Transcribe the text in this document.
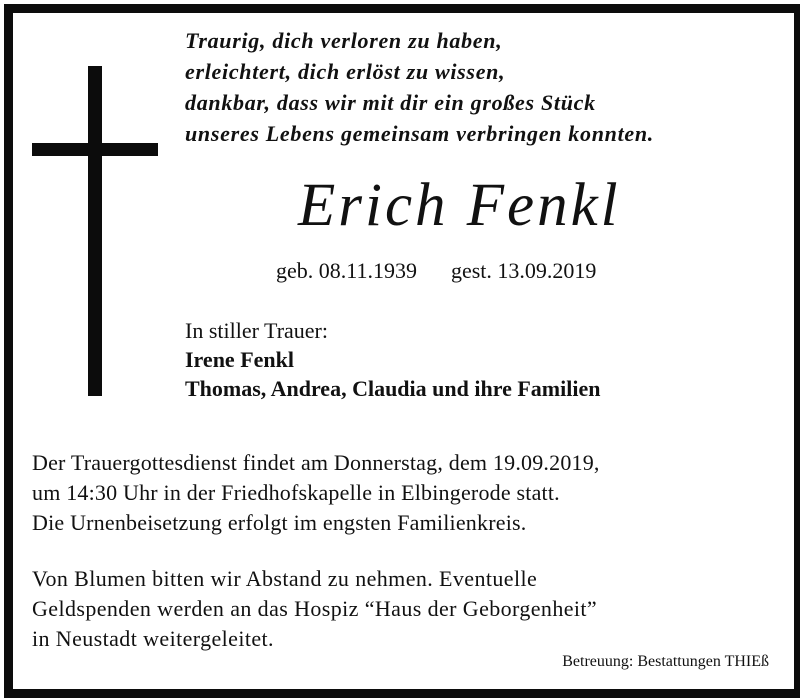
Traurig, dich verloren zu haben,
erleichtert, dich erlöst zu wissen,
dankbar, dass wir mit dir ein großes Stück
unseres Lebens gemeinsam verbringen konnten.
Erich Fenkl
geb. 08.11.1939 gest. 13.09.2019
In stiller Trauer:
Irene Fenkl
Thomas, Andrea, Claudia und ihre Familien
Der Trauergottesdienst findet am Donnerstag, dem 19.09.2019,
um 14:30 Uhr in der Friedhofskapelle in Elbingerode statt.
Die Urnenbeisetzung erfolgt im engsten Familienkreis.
Von Blumen bitten wir Abstand zu nehmen. Eventuelle
Geldspenden werden an das Hospiz “Haus der Geborgenheit”
in Neustadt weitergeleitet.
Betreuung: Bestattungen THIEß
